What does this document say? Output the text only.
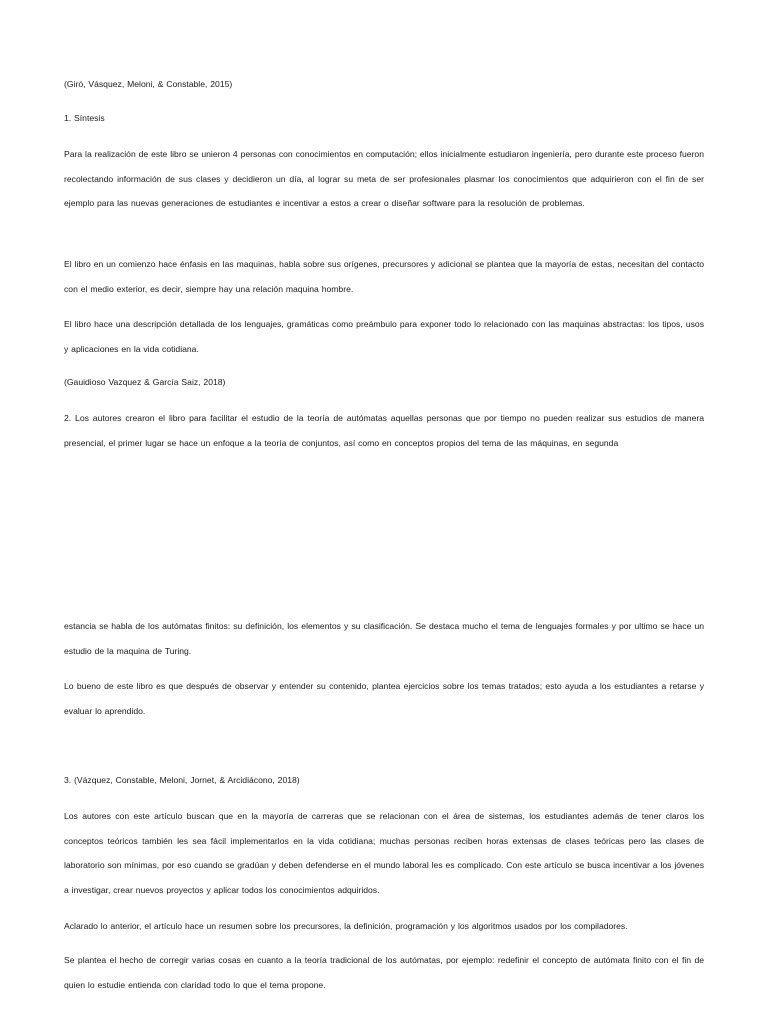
(Giró, Vásquez, Meloni, & Constable, 2015)

1. Síntesis

Para la realización de este libro se unieron 4 personas con conocimientos en computación; ellos inicialmente estudiaron ingeniería, pero durante este proceso fueron recolectando información de sus clases y decidieron un día, al lograr su meta de ser profesionales plasmar los conocimientos que adquirieron con el fin de ser ejemplo para las nuevas generaciones de estudiantes e incentivar a estos a crear o diseñar software para la resolución de problemas.

El libro en un comienzo hace énfasis en las maquinas, habla sobre sus orígenes, precursores y adicional se plantea que la mayoría de estas, necesitan del contacto con el medio exterior, es decir, siempre hay una relación maquina hombre.

El libro hace una descripción detallada de los lenguajes, gramáticas como preámbulo para exponer todo lo relacionado con las maquinas abstractas: los tipos, usos y aplicaciones en la vida cotidiana.

(Gauidioso Vazquez & García Saiz, 2018)

2. Los autores crearon el libro para facilitar el estudio de la teoría de autómatas aquellas personas que por tiempo no pueden realizar sus estudios de manera presencial, el primer lugar se hace un enfoque a la teoría de conjuntos, así como en conceptos propios del tema de las máquinas, en segunda

estancia se habla de los autómatas finitos: su definición, los elementos y su clasificación. Se destaca mucho el tema de lenguajes formales y por ultimo se hace un estudio de la maquina de Turing.

Lo bueno de este libro es que después de observar y entender su contenido, plantea ejercicios sobre los temas tratados; esto ayuda a los estudiantes a retarse y evaluar lo aprendido.

3. (Vázquez, Constable, Meloni, Jornet, & Arcidiácono, 2018)

Los autores con este artículo buscan que en la mayoría de carreras que se relacionan con el área de sistemas, los estudiantes además de tener claros los conceptos teóricos también les sea fácil implementarlos en la vida cotidiana; muchas personas reciben horas extensas de clases teóricas pero las clases de laboratorio son mínimas, por eso cuando se gradúan y deben defenderse en el mundo laboral les es complicado. Con este artículo se busca incentivar a los jóvenes a investigar, crear nuevos proyectos y aplicar todos los conocimientos adquiridos.

Aclarado lo anterior, el artículo hace un resumen sobre los precursores, la definición, programación y los algoritmos usados por los compiladores.

Se plantea el hecho de corregir varias cosas en cuanto a la teoría tradicional de los autómatas, por ejemplo: redefinir el concepto de autómata finito con el fin de quien lo estudie entienda con claridad todo lo que el tema propone.
